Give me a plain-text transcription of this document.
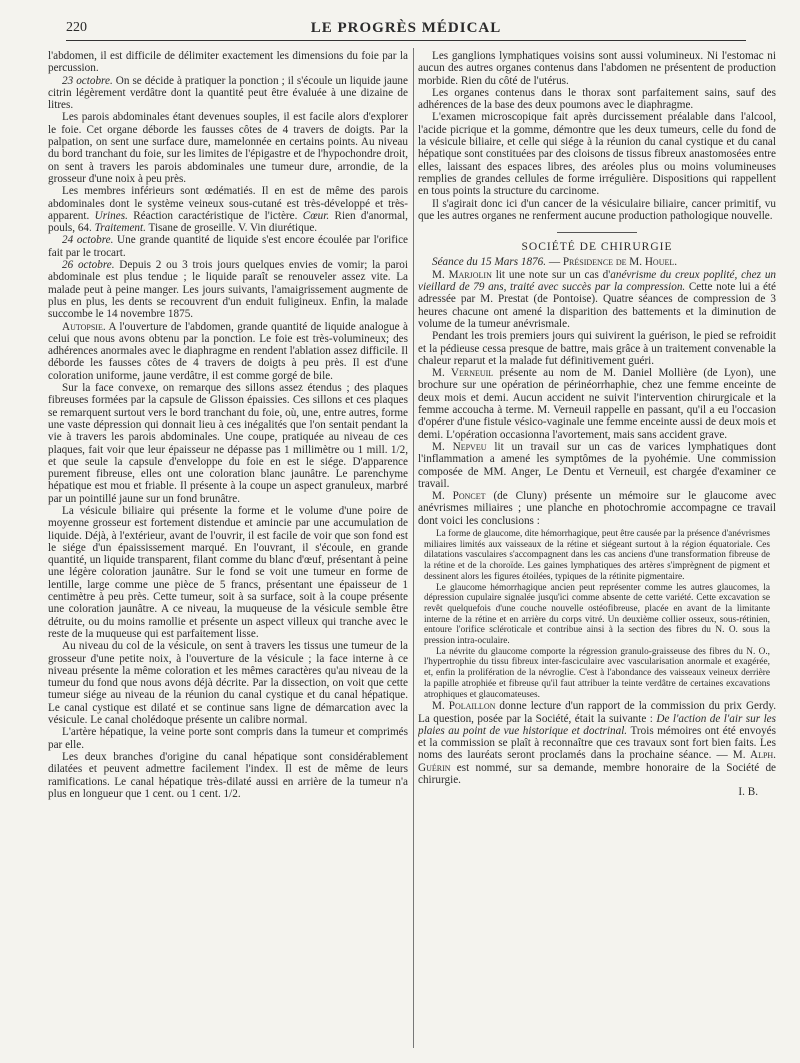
220	LE PROGRÈS MÉDICAL

l'abdomen, il est difficile de délimiter exactement les dimensions du foie par la percussion.

23 octobre. On se décide à pratiquer la ponction ; il s'écoule un liquide jaune citrin légèrement verdâtre dont la quantité peut être évaluée à une dizaine de litres.

Les parois abdominales étant devenues souples, il est facile alors d'explorer le foie. Cet organe déborde les fausses côtes de 4 travers de doigts. Par la palpation, on sent une surface dure, mamelonnée en certains points. Au niveau du bord tranchant du foie, sur les limites de l'épigastre et de l'hypochondre droit, on sent à travers les parois abdominales une tumeur dure, arrondie, de la grosseur d'une noix à peu près.

Les membres inférieurs sont œdématiés. Il en est de même des parois abdominales dont le système veineux sous-cutané est très-développé et très-apparent. Urines. Réaction caractéristique de l'ictère. Cœur. Rien d'anormal, pouls, 64. Traitement. Tisane de groseille. V. Vin diurétique.

24 octobre. Une grande quantité de liquide s'est encore écoulée par l'orifice fait par le trocart.

26 octobre. Depuis 2 ou 3 trois jours quelques envies de vomir; la paroi abdominale est plus tendue ; le liquide paraît se renouveler assez vite. La malade peut à peine manger. Les jours suivants, l'amaigrissement augmente de plus en plus, les dents se recouvrent d'un enduit fuligineux. Enfin, la malade succombe le 14 novembre 1875.

Autopsie. A l'ouverture de l'abdomen, grande quantité de liquide analogue à celui que nous avons obtenu par la ponction. Le foie est très-volumineux; des adhérences anormales avec le diaphragme en rendent l'ablation assez difficile. Il déborde les fausses côtes de 4 travers de doigts à peu près. Il est d'une coloration uniforme, jaune verdâtre, il est comme gorgé de bile.

Sur la face convexe, on remarque des sillons assez étendus ; des plaques fibreuses formées par la capsule de Glisson épaissies. Ces sillons et ces plaques se remarquent surtout vers le bord tranchant du foie, où, une, entre autres, forme une vaste dépression qui donnait lieu à ces inégalités que l'on sentait pendant la vie à travers les parois abdominales. Une coupe, pratiquée au niveau de ces plaques, fait voir que leur épaisseur ne dépasse pas 1 millimètre ou 1 mill. 1/2, et que seule la capsule d'enveloppe du foie en est le siége. D'apparence purement fibreuse, elles ont une coloration blanc jaunâtre. Le parenchyme hépatique est mou et friable. Il présente à la coupe un aspect granuleux, marbré par un pointillé jaune sur un fond brunâtre.

La vésicule biliaire qui présente la forme et le volume d'une poire de moyenne grosseur est fortement distendue et amincie par une accumulation de liquide. Déjà, à l'extérieur, avant de l'ouvrir, il est facile de voir que son fond est le siége d'un épaississement marqué. En l'ouvrant, il s'écoule, en grande quantité, un liquide transparent, filant comme du blanc d'œuf, présentant à peine une légère coloration jaunâtre. Sur le fond se voit une tumeur en forme de lentille, large comme une pièce de 5 francs, présentant une épaisseur de 1 centimètre à peu près. Cette tumeur, soit à sa surface, soit à la coupe présente une coloration jaunâtre. A ce niveau, la muqueuse de la vésicule semble être détruite, ou du moins ramollie et présente un aspect villeux qui tranche avec le reste de la muqueuse qui est parfaitement lisse.

Au niveau du col de la vésicule, on sent à travers les tissus une tumeur de la grosseur d'une petite noix, à l'ouverture de la vésicule ; la face interne à ce niveau présente la même coloration et les mêmes caractères qu'au niveau de la tumeur du fond que nous avons déjà décrite. Par la dissection, on voit que cette tumeur siége au niveau de la réunion du canal cystique et du canal hépatique. Le canal cystique est dilaté et se continue sans ligne de démarcation avec la vésicule. Le canal cholédoque présente un calibre normal.

L'artère hépatique, la veine porte sont compris dans la tumeur et comprimés par elle.

Les deux branches d'origine du canal hépatique sont considérablement dilatées et peuvent admettre facilement l'index. Il est de même de leurs ramifications. Le canal hépatique très-dilaté aussi en arrière de la tumeur n'a plus en longueur que 1 cent. ou 1 cent. 1/2.

Les ganglions lymphatiques voisins sont aussi volumineux. Ni l'estomac ni aucun des autres organes contenus dans l'abdomen ne présentent de production morbide. Rien du côté de l'utérus.

Les organes contenus dans le thorax sont parfaitement sains, sauf des adhérences de la base des deux poumons avec le diaphragme.

L'examen microscopique fait après durcissement préalable dans l'alcool, l'acide picrique et la gomme, démontre que les deux tumeurs, celle du fond de la vésicule biliaire, et celle qui siége à la réunion du canal cystique et du canal hépatique sont constituées par des cloisons de tissus fibreux anastomosées entre elles, laissant des espaces libres, des aréoles plus ou moins volumineuses remplies de grandes cellules de forme irrégulière. Dispositions qui rappellent en tous points la structure du carcinome.

Il s'agirait donc ici d'un cancer de la vésiculaire biliaire, cancer primitif, vu que les autres organes ne renferment aucune production pathologique nouvelle.

SOCIÉTÉ DE CHIRURGIE

Séance du 15 Mars 1876. — Présidence de M. Houel.

M. Marjolin lit une note sur un cas d'anévrisme du creux poplité, chez un vieillard de 79 ans, traité avec succès par la compression. Cette note lui a été adressée par M. Prestat (de Pontoise). Quatre séances de compression de 3 heures chacune ont amené la disparition des battements et la diminution de volume de la tumeur anévrismale.

Pendant les trois premiers jours qui suivirent la guérison, le pied se refroidit et la pédieuse cessa presque de battre, mais grâce à un traitement convenable la chaleur reparut et la malade fut définitivement guéri.

M. Verneuil présente au nom de M. Daniel Mollière (de Lyon), une brochure sur une opération de périnéorrhaphie, chez une femme enceinte de deux mois et demi. Aucun accident ne suivit l'intervention chirurgicale et la femme accoucha à terme. M. Verneuil rappelle en passant, qu'il a eu l'occasion d'opérer d'une fistule vésico-vaginale une femme enceinte aussi de deux mois et demi. L'opération occasionna l'avortement, mais sans accident grave.

M. Nepveu lit un travail sur un cas de varices lymphatiques dont l'inflammation a amené les symptômes de la pyohémie. Une commission composée de MM. Anger, Le Dentu et Verneuil, est chargée d'examiner ce travail.

M. Poncet (de Cluny) présente un mémoire sur le glaucome avec anévrismes miliaires ; une planche en photochromie accompagne ce travail dont voici les conclusions :

La forme de glaucome, dite hémorrhagique, peut être causée par la présence d'anévrismes miliaires limités aux vaisseaux de la rétine et siégeant surtout à la région équatoriale. Ces dilatations vasculaires s'accompagnent dans les cas anciens d'une transformation fibreuse de la rétine et de la choroïde. Les gaines lymphatiques des artères s'imprègnent de pigment et dessinent alors les figures étoilées, typiques de la rétinite pigmentaire.

Le glaucome hémorrhagique ancien peut représenter comme les autres glaucomes, la dépression cupulaire signalée jusqu'ici comme absente de cette variété. Cette excavation se revêt quelquefois d'une couche nouvelle ostéofibreuse, placée en avant de la limitante interne de la rétine et en arrière du corps vitré. Un deuxième collier osseux, sous-rétinien, entoure l'orifice scléroticale et contribue ainsi à la section des fibres du N. O. sous la pression intra-oculaire.

La névrite du glaucome comporte la régression granulo-graisseuse des fibres du N. O., l'hypertrophie du tissu fibreux inter-fasciculaire avec vascularisation anormale et exagérée, et, enfin la prolifération de la névroglie. C'est à l'abondance des vaisseaux veineux derrière la papille atrophiée et fibreuse qu'il faut attribuer la teinte verdâtre de certaines excavations atrophiques et glaucomateuses.

M. Polaillon donne lecture d'un rapport de la commission du prix Gerdy. La question, posée par la Société, était la suivante : De l'action de l'air sur les plaies au point de vue historique et doctrinal. Trois mémoires ont été envoyés et la commission se plaît à reconnaître que ces travaux sont fort bien faits. Les noms des lauréats seront proclamés dans la prochaine séance. — M. Alph. Guérin est nommé, sur sa demande, membre honoraire de la Société de chirurgie.

I. B.
